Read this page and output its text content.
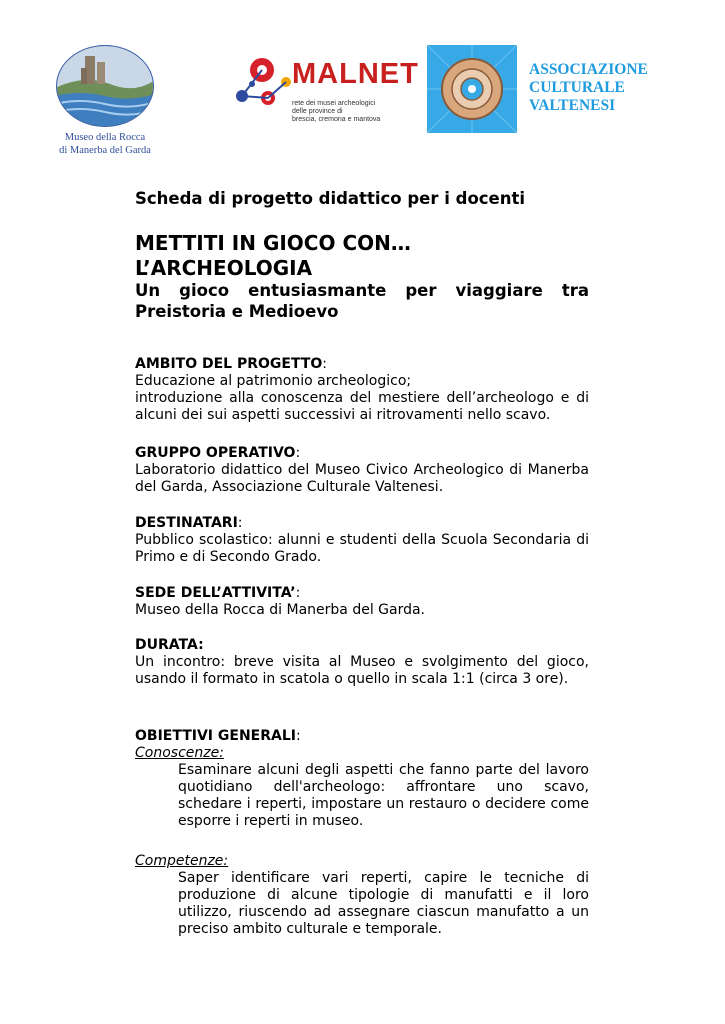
Museo della Rocca
di Manerba del Garda
MALNET
rete dei musei archeologici
delle province di
brescia, cremona e mantova
ASSOCIAZIONE
CULTURALE
VALTENESI
Scheda di progetto didattico per i docenti
METTITI IN GIOCO CON…
L’ARCHEOLOGIA
Un gioco entusiasmante per viaggiare tra Preistoria e Medioevo
AMBITO DEL PROGETTO:
Educazione al patrimonio archeologico;
introduzione alla conoscenza del mestiere dell’archeologo e di alcuni dei sui aspetti successivi ai ritrovamenti nello scavo.
GRUPPO OPERATIVO:
Laboratorio didattico del Museo Civico Archeologico di Manerba del Garda, Associazione Culturale Valtenesi.
DESTINATARI:
Pubblico scolastico: alunni e studenti della Scuola Secondaria di Primo e di Secondo Grado.
SEDE DELL’ATTIVITA’:
Museo della Rocca di Manerba del Garda.
DURATA:
Un incontro: breve visita al Museo e svolgimento del gioco, usando il formato in scatola o quello in scala 1:1 (circa 3 ore).
OBIETTIVI GENERALI:
Conoscenze:
Esaminare alcuni degli aspetti che fanno parte del lavoro quotidiano dell'archeologo: affrontare uno scavo, schedare i reperti, impostare un restauro o decidere come esporre i reperti in museo.
Competenze:
Saper identificare vari reperti, capire le tecniche di produzione di alcune tipologie di manufatti e il loro utilizzo, riuscendo ad assegnare ciascun manufatto a un preciso ambito culturale e temporale.
